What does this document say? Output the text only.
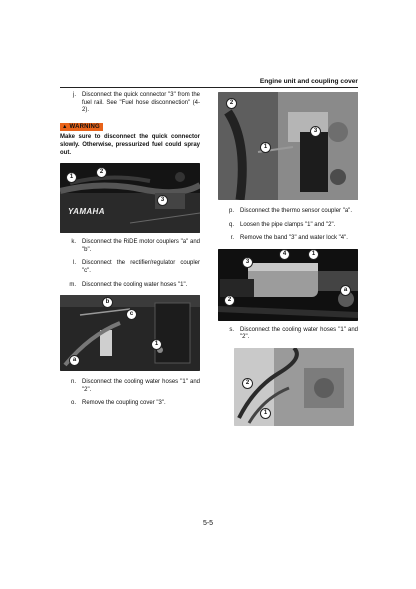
Engine unit and coupling cover
j.	Disconnect the quick connector "3" from the fuel rail. See "Fuel hose disconnection" (4-2).
▲ WARNING
Make sure to disconnect the quick connector slowly. Otherwise, pressurized fuel could spray out.
YAMAHA
1
2
3
k.	Disconnect the RiDE motor couplers "a" and "b".
l.	Disconnect the rectifier/regulator coupler "c".
m.	Disconnect the cooling water hoses "1".
b
c
a
1
n.	Disconnect the cooling water hoses "1" and "2".
o.	Remove the coupling cover "3".
2
3
1
p.	Disconnect the thermo sensor coupler "a".
q.	Loosen the pipe clamps "1" and "2".
r.	Remove the band "3" and water lock "4".
3
4	1
2
a
s.	Disconnect the cooling water hoses "1" and "2".
2
1
5-5
